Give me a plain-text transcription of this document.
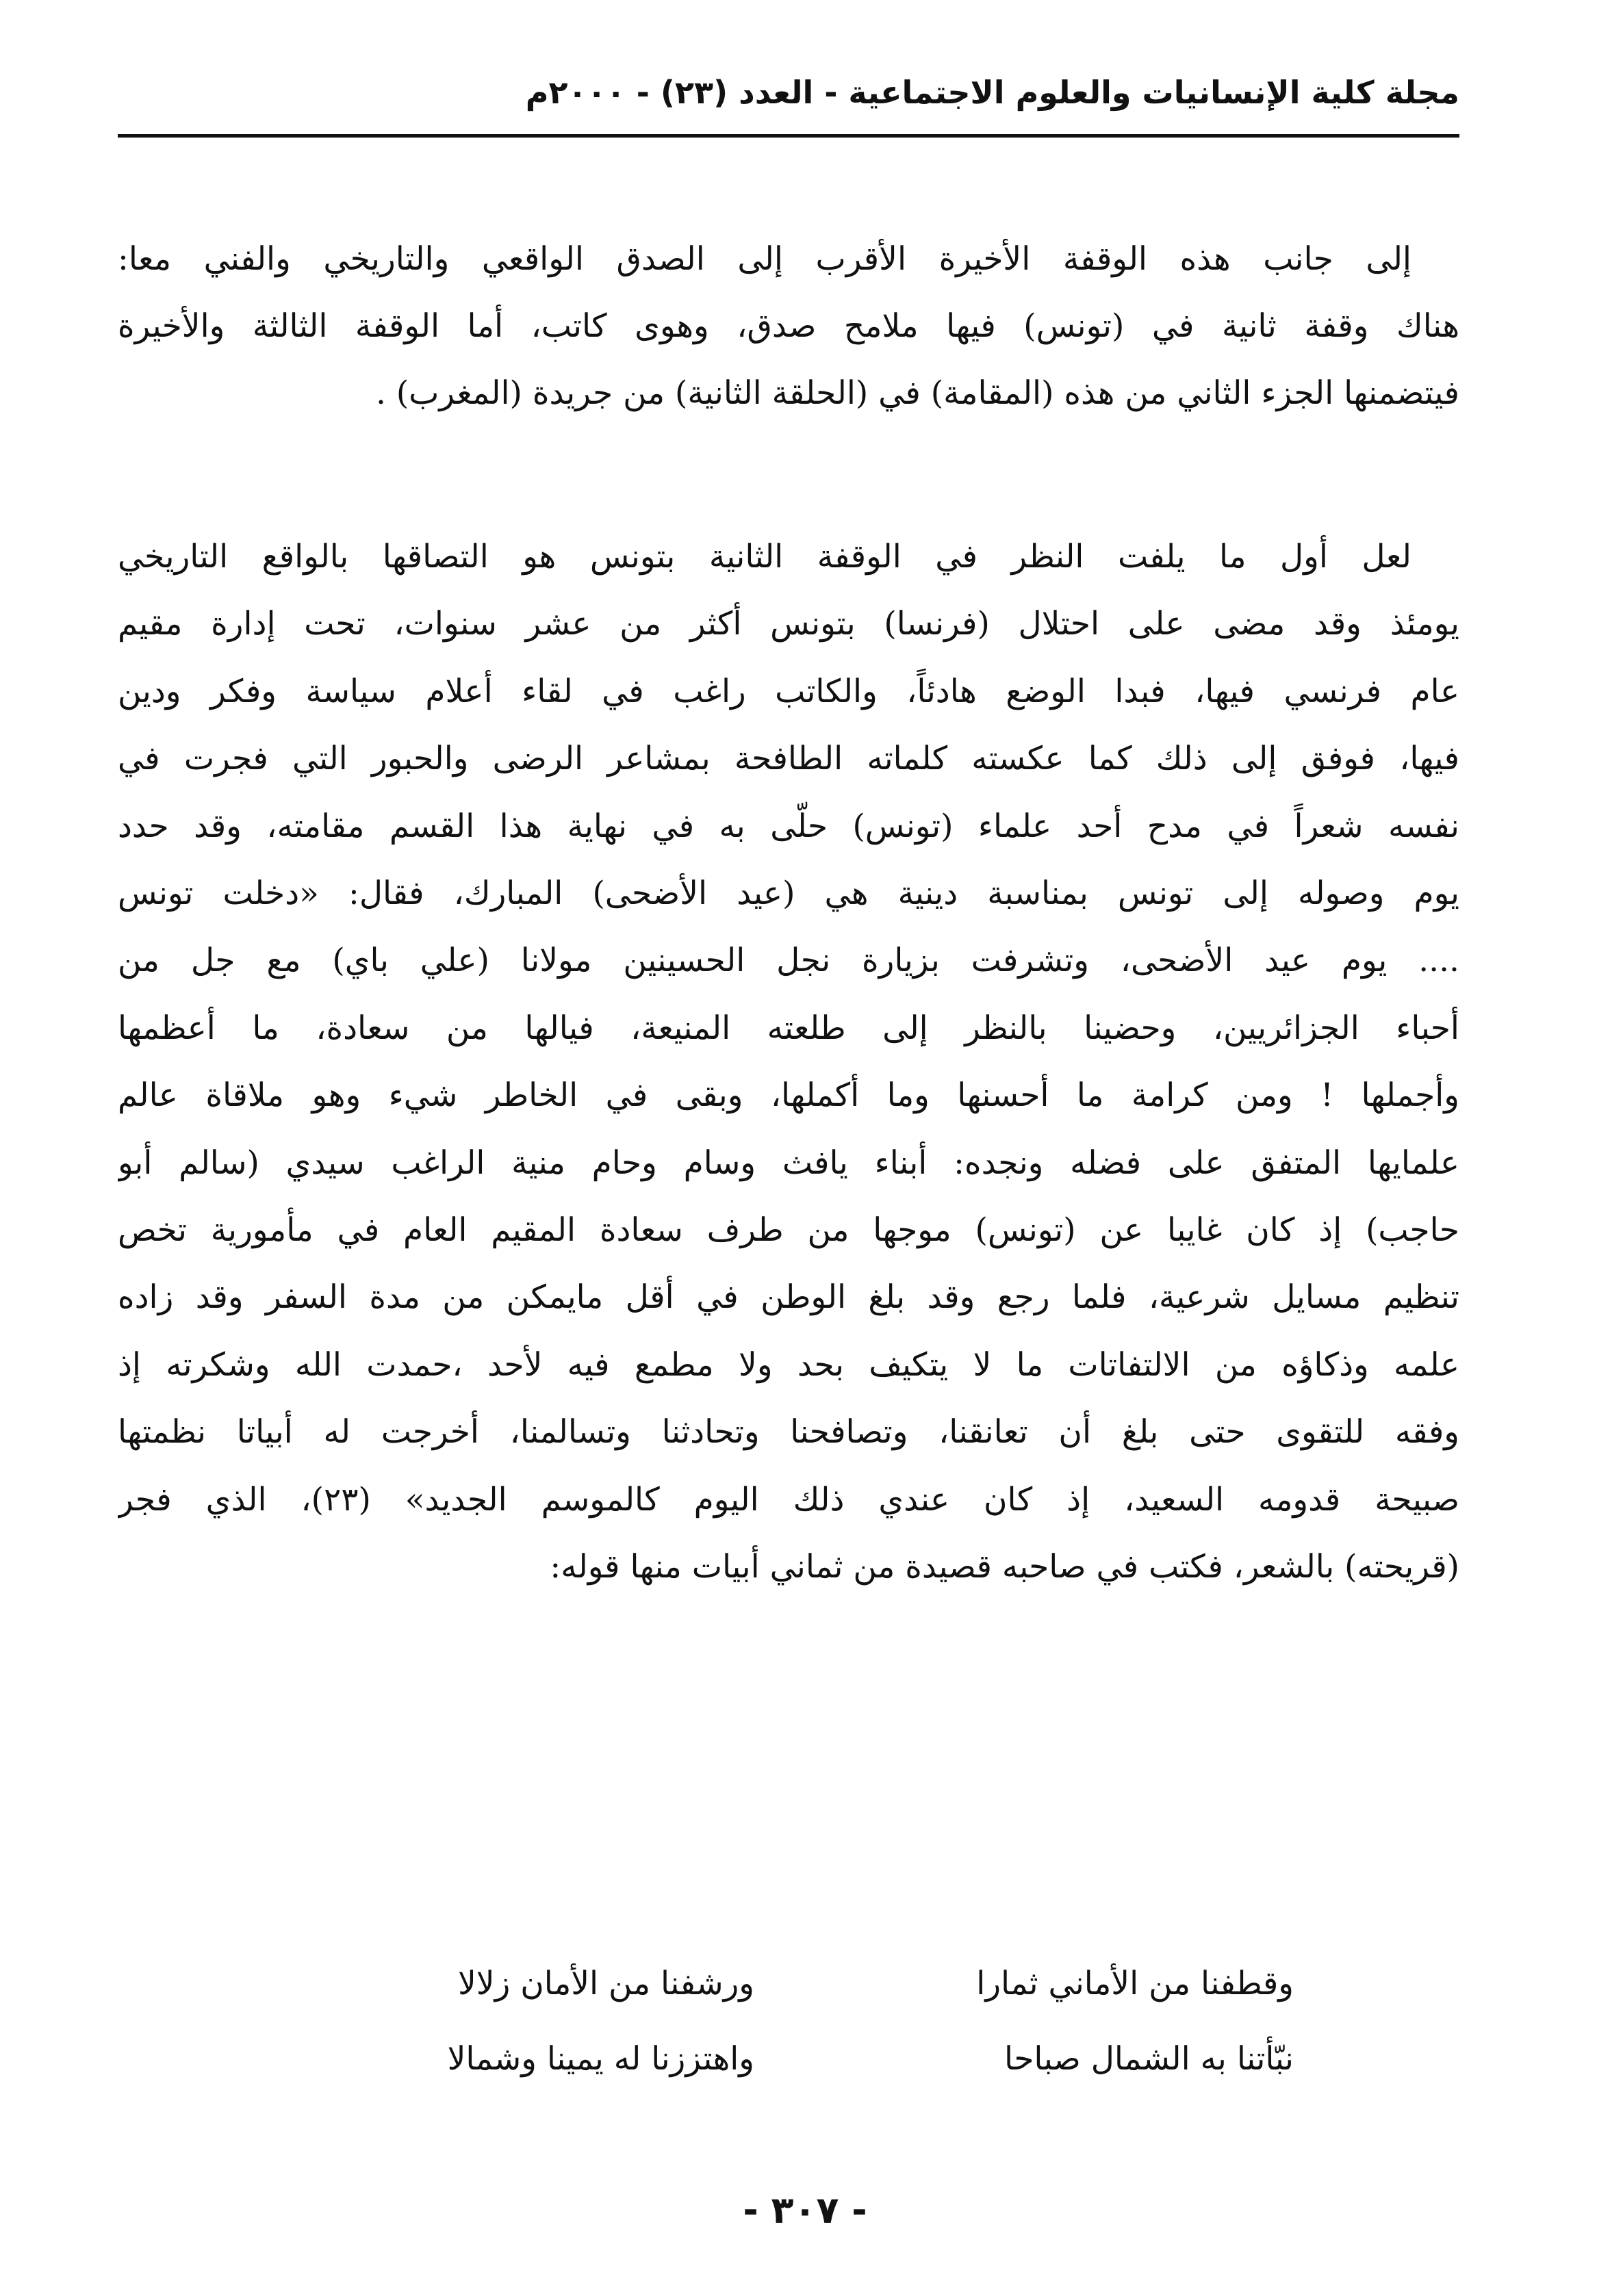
مجلة كلية الإنسانيات والعلوم الاجتماعية - العدد (٢٣) - ٢٠٠٠م
إلى جانب هذه الوقفة الأخيرة الأقرب إلى الصدق الواقعي والتاريخي والفني معا:
هناك وقفة ثانية في (تونس) فيها ملامح صدق، وهوى كاتب، أما الوقفة الثالثة والأخيرة
فيتضمنها الجزء الثاني من هذه (المقامة) في (الحلقة الثانية) من جريدة (المغرب) .
لعل أول ما يلفت النظر في الوقفة الثانية بتونس هو التصاقها بالواقع التاريخي
يومئذ وقد مضى على احتلال (فرنسا) بتونس أكثر من عشر سنوات، تحت إدارة مقيم
عام فرنسي فيها، فبدا الوضع هادئاً، والكاتب راغب في لقاء أعلام سياسة وفكر ودين
فيها، فوفق إلى ذلك كما عكسته كلماته الطافحة بمشاعر الرضى والحبور التي فجرت في
نفسه شعراً في مدح أحد علماء (تونس) حلّى به في نهاية هذا القسم مقامته، وقد حدد
يوم وصوله إلى تونس بمناسبة دينية هي (عيد الأضحى) المبارك، فقال: «دخلت تونس
.... يوم عيد الأضحى، وتشرفت بزيارة نجل الحسينين مولانا (علي باي) مع جل من
أحباء الجزائريين، وحضينا بالنظر إلى طلعته المنيعة، فيالها من سعادة، ما أعظمها
وأجملها ! ومن كرامة ما أحسنها وما أكملها، وبقى في الخاطر شيء وهو ملاقاة عالم
علمايها المتفق على فضله ونجده: أبناء يافث وسام وحام منية الراغب سيدي (سالم أبو
حاجب) إذ كان غايبا عن (تونس) موجها من طرف سعادة المقيم العام في مأمورية تخص
تنظيم مسايل شرعية، فلما رجع وقد بلغ الوطن في أقل مايمكن من مدة السفر وقد زاده
علمه وذكاؤه من الالتفاتات ما لا يتكيف بحد ولا مطمع فيه لأحد ،حمدت الله وشكرته إذ
وفقه للتقوى حتى بلغ أن تعانقنا، وتصافحنا وتحادثنا وتسالمنا، أخرجت له أبياتا نظمتها
صبيحة قدومه السعيد، إذ كان عندي ذلك اليوم كالموسم الجديد» (٢٣)، الذي فجر
(قريحته) بالشعر، فكتب في صاحبه قصيدة من ثماني أبيات منها قوله:
وقطفنا من الأماني ثمارا
ورشفنا من الأمان زلالا
نبّأتنا به الشمال صباحا
واهتززنا له يمينا وشمالا
- ٣٠٧ -
